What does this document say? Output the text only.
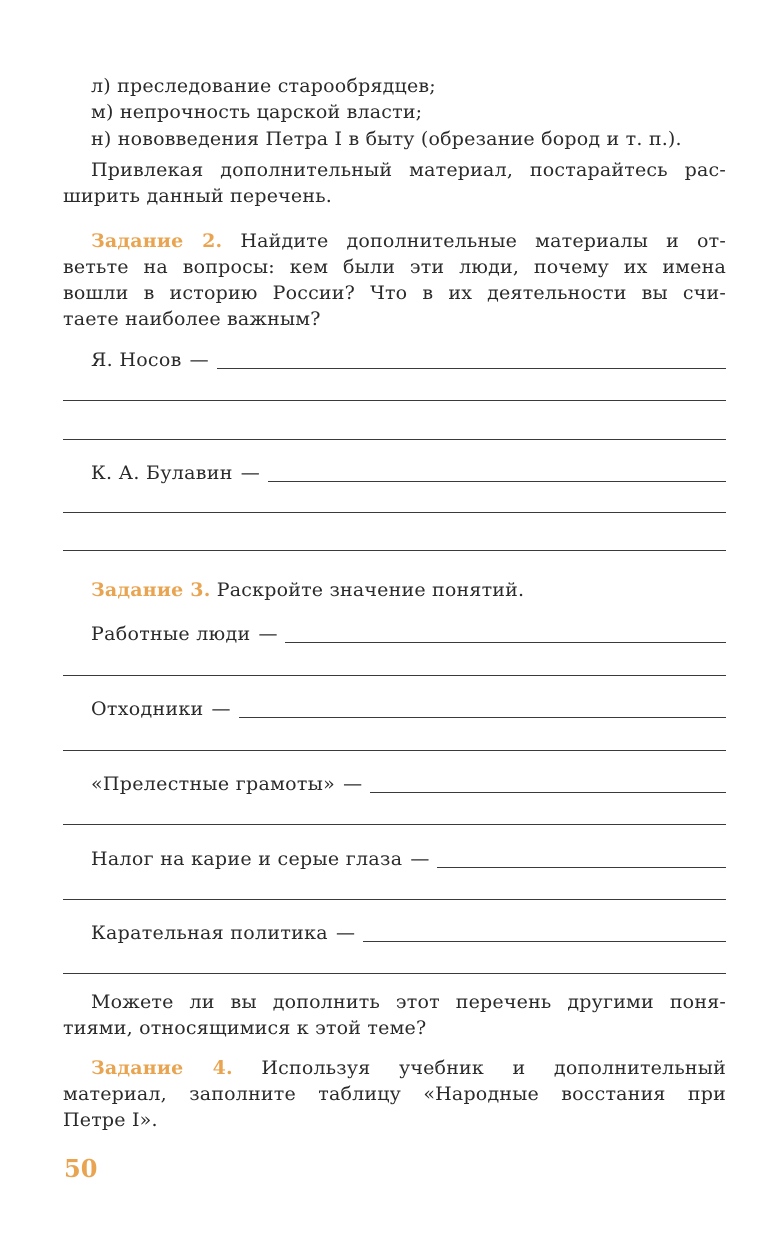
л) преследование старообрядцев;
м) непрочность царской власти;
н) нововведения Петра I в быту (обрезание бород и т. п.).
Привлекая дополнительный материал, постарайтесь рас-
ширить данный перечень.
Задание 2. Найдите дополнительные материалы и от-
ветьте на вопросы: кем были эти люди, почему их имена
вошли в историю России? Что в их деятельности вы счи-
таете наиболее важным?
Я. Носов —
К. А. Булавин —
Задание 3. Раскройте значение понятий.
Работные люди —
Отходники —
«Прелестные грамоты» —
Налог на карие и серые глаза —
Карательная политика —
Можете ли вы дополнить этот перечень другими поня-
тиями, относящимися к этой теме?
Задание 4. Используя учебник и дополнительный
материал, заполните таблицу «Народные восстания при
Петре I».
50
